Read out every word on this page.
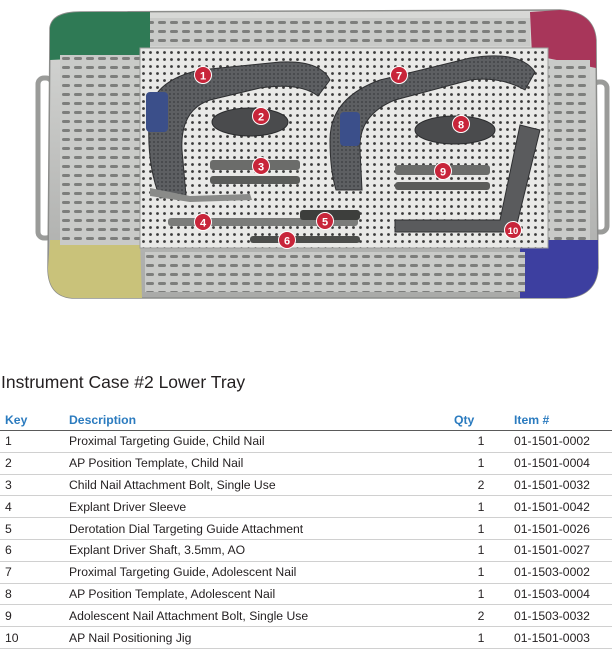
1
2
3
4	5
6
7
8
9
10
Instrument Case #2 Lower Tray
Key	Description	Qty	Item #
1	Proximal Targeting Guide, Child Nail	1	01-1501-0002
2	AP Position Template, Child Nail	1	01-1501-0004
3	Child Nail Attachment Bolt, Single Use	2	01-1501-0032
4	Explant Driver Sleeve	1	01-1501-0042
5	Derotation Dial Targeting Guide Attachment	1	01-1501-0026
6	Explant Driver Shaft, 3.5mm, AO	1	01-1501-0027
7	Proximal Targeting Guide, Adolescent Nail	1	01-1503-0002
8	AP Position Template, Adolescent Nail	1	01-1503-0004
9	Adolescent Nail Attachment Bolt, Single Use	2	01-1503-0032
10	AP Nail Positioning Jig	1	01-1501-0003
